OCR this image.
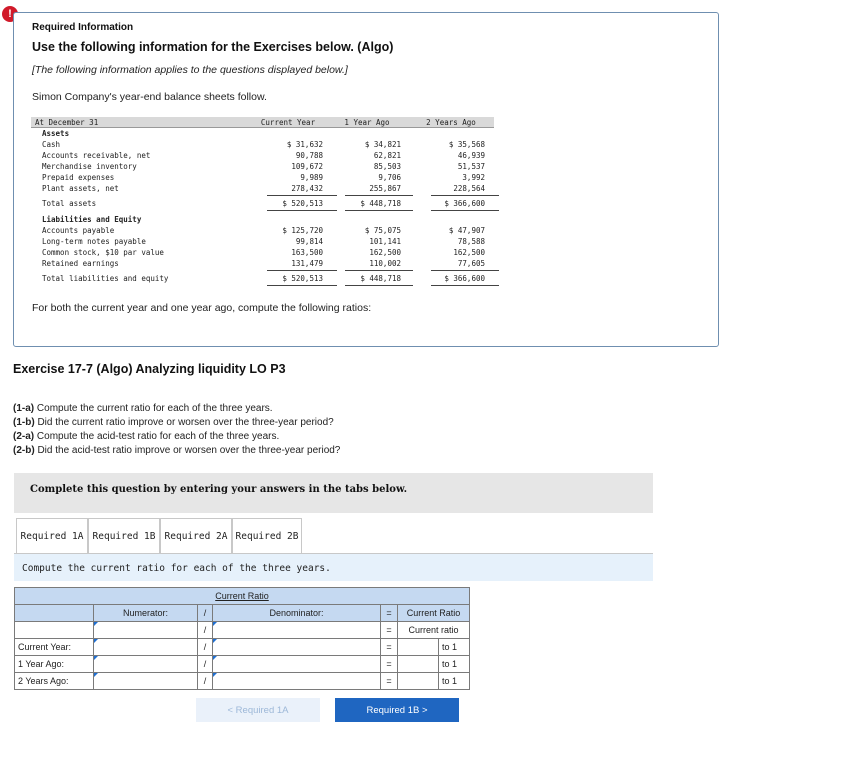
!
Required Information
Use the following information for the Exercises below. (Algo)
[The following information applies to the questions displayed below.]
Simon Company's year-end balance sheets follow.
At December 31	Current Year	1 Year Ago	2 Years Ago
Assets
Cash	$ 31,632	$ 34,821	$ 35,568
Accounts receivable, net	90,788	62,821	46,939
Merchandise inventory	109,672	85,503	51,537
Prepaid expenses	9,989	9,706	3,992
Plant assets, net	278,432	255,867	228,564
Total assets	$ 520,513	$ 448,718	$ 366,600
Liabilities and Equity
Accounts payable	$ 125,720	$ 75,075	$ 47,907
Long-term notes payable	99,814	101,141	78,588
Common stock, $10 par value	163,500	162,500	162,500
Retained earnings	131,479	110,002	77,605
Total liabilities and equity	$ 520,513	$ 448,718	$ 366,600
For both the current year and one year ago, compute the following ratios:
Exercise 17-7 (Algo) Analyzing liquidity LO P3
(1-a) Compute the current ratio for each of the three years.
(1-b) Did the current ratio improve or worsen over the three-year period?
(2-a) Compute the acid-test ratio for each of the three years.
(2-b) Did the acid-test ratio improve or worsen over the three-year period?
Complete this question by entering your answers in the tabs below.
Required 1A Required 1B Required 2A Required 2B
Compute the current ratio for each of the three years.
Current Ratio						
	Numerator:	/	Denominator:	=	Current Ratio	
		/		=	Current ratio	
Current Year:		/		=		to 1
1 Year Ago:		/		=		to 1
2 Years Ago:		/		=		to 1
< Required 1A	Required 1B >
